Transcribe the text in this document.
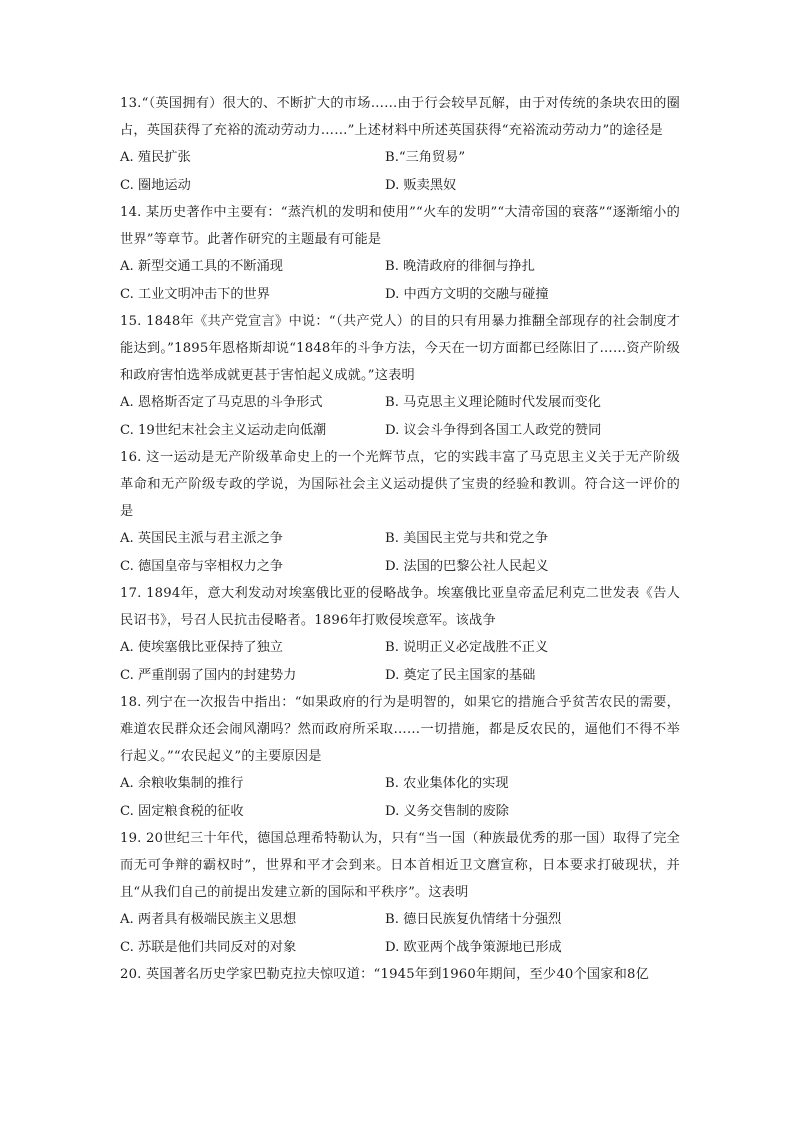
13.“（英国拥有）很大的、不断扩大的市场……由于行会较早瓦解，由于对传统的条块农田的圈占，英国获得了充裕的流动劳动力……”上述材料中所述英国获得“充裕流动劳动力”的途径是

A. 殖民扩张	B.“三角贸易”
C. 圈地运动	D. 贩卖黑奴

14. 某历史著作中主要有：“蒸汽机的发明和使用”“火车的发明”“大清帝国的衰落”“逐渐缩小的世界”等章节。此著作研究的主题最有可能是

A. 新型交通工具的不断涌现	B. 晚清政府的徘徊与挣扎
C. 工业文明冲击下的世界	D. 中西方文明的交融与碰撞

15. 1848年《共产党宣言》中说：“（共产党人）的目的只有用暴力推翻全部现存的社会制度才能达到。”1895年恩格斯却说“1848年的斗争方法，今天在一切方面都已经陈旧了……资产阶级和政府害怕选举成就更甚于害怕起义成就。”这表明

A. 恩格斯否定了马克思的斗争形式	B. 马克思主义理论随时代发展而变化
C. 19世纪末社会主义运动走向低潮	D. 议会斗争得到各国工人政党的赞同

16. 这一运动是无产阶级革命史上的一个光辉节点，它的实践丰富了马克思主义关于无产阶级革命和无产阶级专政的学说，为国际社会主义运动提供了宝贵的经验和教训。符合这一评价的是

A. 英国民主派与君主派之争	B. 美国民主党与共和党之争
C. 德国皇帝与宰相权力之争	D. 法国的巴黎公社人民起义

17. 1894年，意大利发动对埃塞俄比亚的侵略战争。埃塞俄比亚皇帝孟尼利克二世发表《告人民诏书》，号召人民抗击侵略者。1896年打败侵埃意军。该战争

A. 使埃塞俄比亚保持了独立	B. 说明正义必定战胜不正义
C. 严重削弱了国内的封建势力	D. 奠定了民主国家的基础

18. 列宁在一次报告中指出：“如果政府的行为是明智的，如果它的措施合乎贫苦农民的需要，难道农民群众还会闹风潮吗？然而政府所采取……一切措施，都是反农民的，逼他们不得不举行起义。”“农民起义”的主要原因是

A. 余粮收集制的推行	B. 农业集体化的实现
C. 固定粮食税的征收	D. 义务交售制的废除

19. 20世纪三十年代，德国总理希特勒认为，只有“当一国（种族最优秀的那一国）取得了完全而无可争辩的霸权时”，世界和平才会到来。日本首相近卫文麿宣称，日本要求打破现状，并且“从我们自己的前提出发建立新的国际和平秩序”。这表明

A. 两者具有极端民族主义思想	B. 德日民族复仇情绪十分强烈
C. 苏联是他们共同反对的对象	D. 欧亚两个战争策源地已形成

20. 英国著名历史学家巴勒克拉夫惊叹道：“1945年到1960年期间，至少40个国家和8亿
